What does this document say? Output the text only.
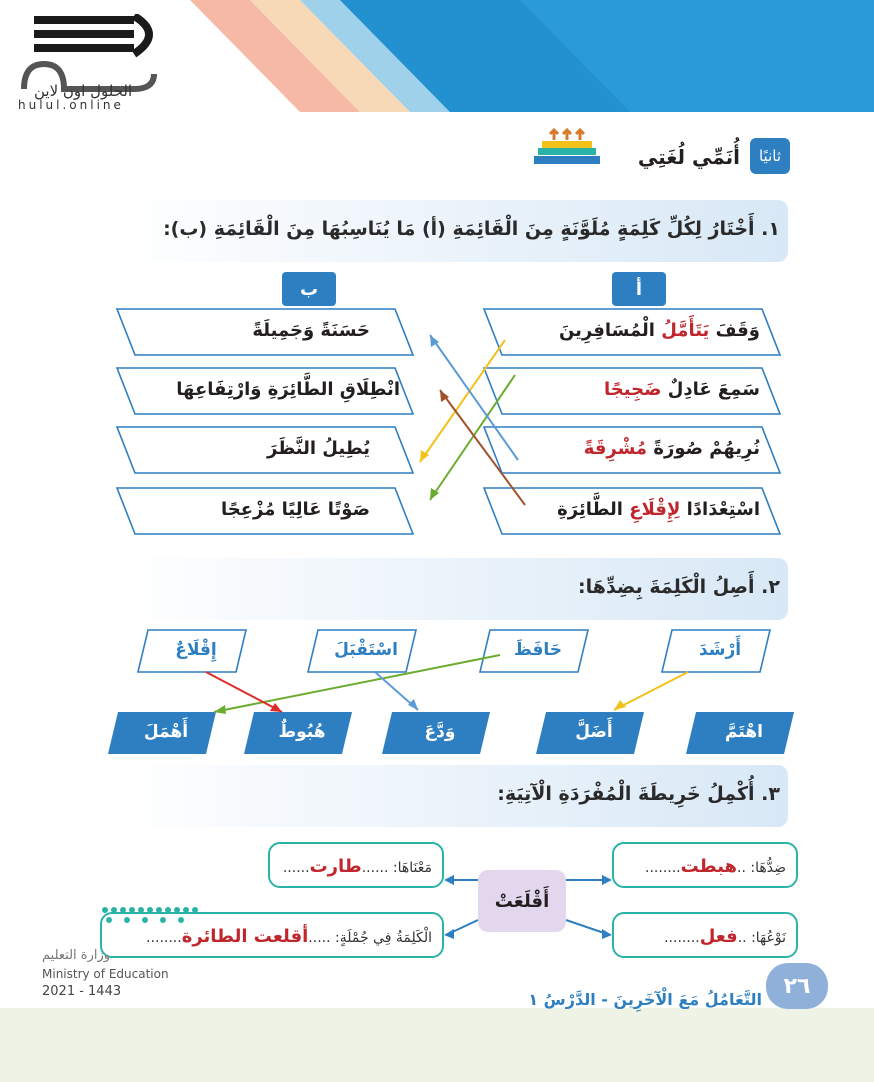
الحلول اون لاين
hulul.online
أُنَمِّي لُغَتِي	ثانيًا
١. أَخْتَارُ لِكُلِّ كَلِمَةٍ مُلَوَّنَةٍ مِنَ الْقَائِمَةِ (أ) مَا يُنَاسِبُهَا مِنَ الْقَائِمَةِ (ب):
أ
ب
وَقَفَ يَتَأَمَّلُ الْمُسَافِرِينَ
سَمِعَ عَادِلٌ ضَجِيجًا
نُرِيهُمْ صُورَةً مُشْرِقَةً
اسْتِعْدَادًا لِإِقْلَاعِ الطَّائِرَةِ
حَسَنَةً وَجَمِيلَةً
انْطِلَاقِ الطَّائِرَةِ وَارْتِفَاعِهَا
يُطِيلُ النَّظَرَ
صَوْتًا عَالِيًا مُزْعِجًا
٢. أَصِلُ الْكَلِمَةَ بِضِدِّهَا:
أَرْشَدَ
حَافَظَ
اسْتَقْبَلَ
إِقْلَاعٌ
اهْتَمَّ
أَضَلَّ
وَدَّعَ
هُبُوطٌ
أَهْمَلَ
٣. أُكْمِلُ خَرِيطَةَ الْمُفْرَدَةِ الْآتِيَةِ:
ضِدُّهَا: ..هبطت........
مَعْنَاهَا: ......طارت......
أَقْلَعَتْ
نَوْعُهَا: ..فعل........
الْكَلِمَةُ فِي جُمْلَةٍ: .....أقلعت الطائرة........
وزارة التعليم
Ministry of Education
2021 - 1443	التَّعَامُلُ مَعَ الْآخَرِينَ - الدَّرْسُ ١
٢٦
